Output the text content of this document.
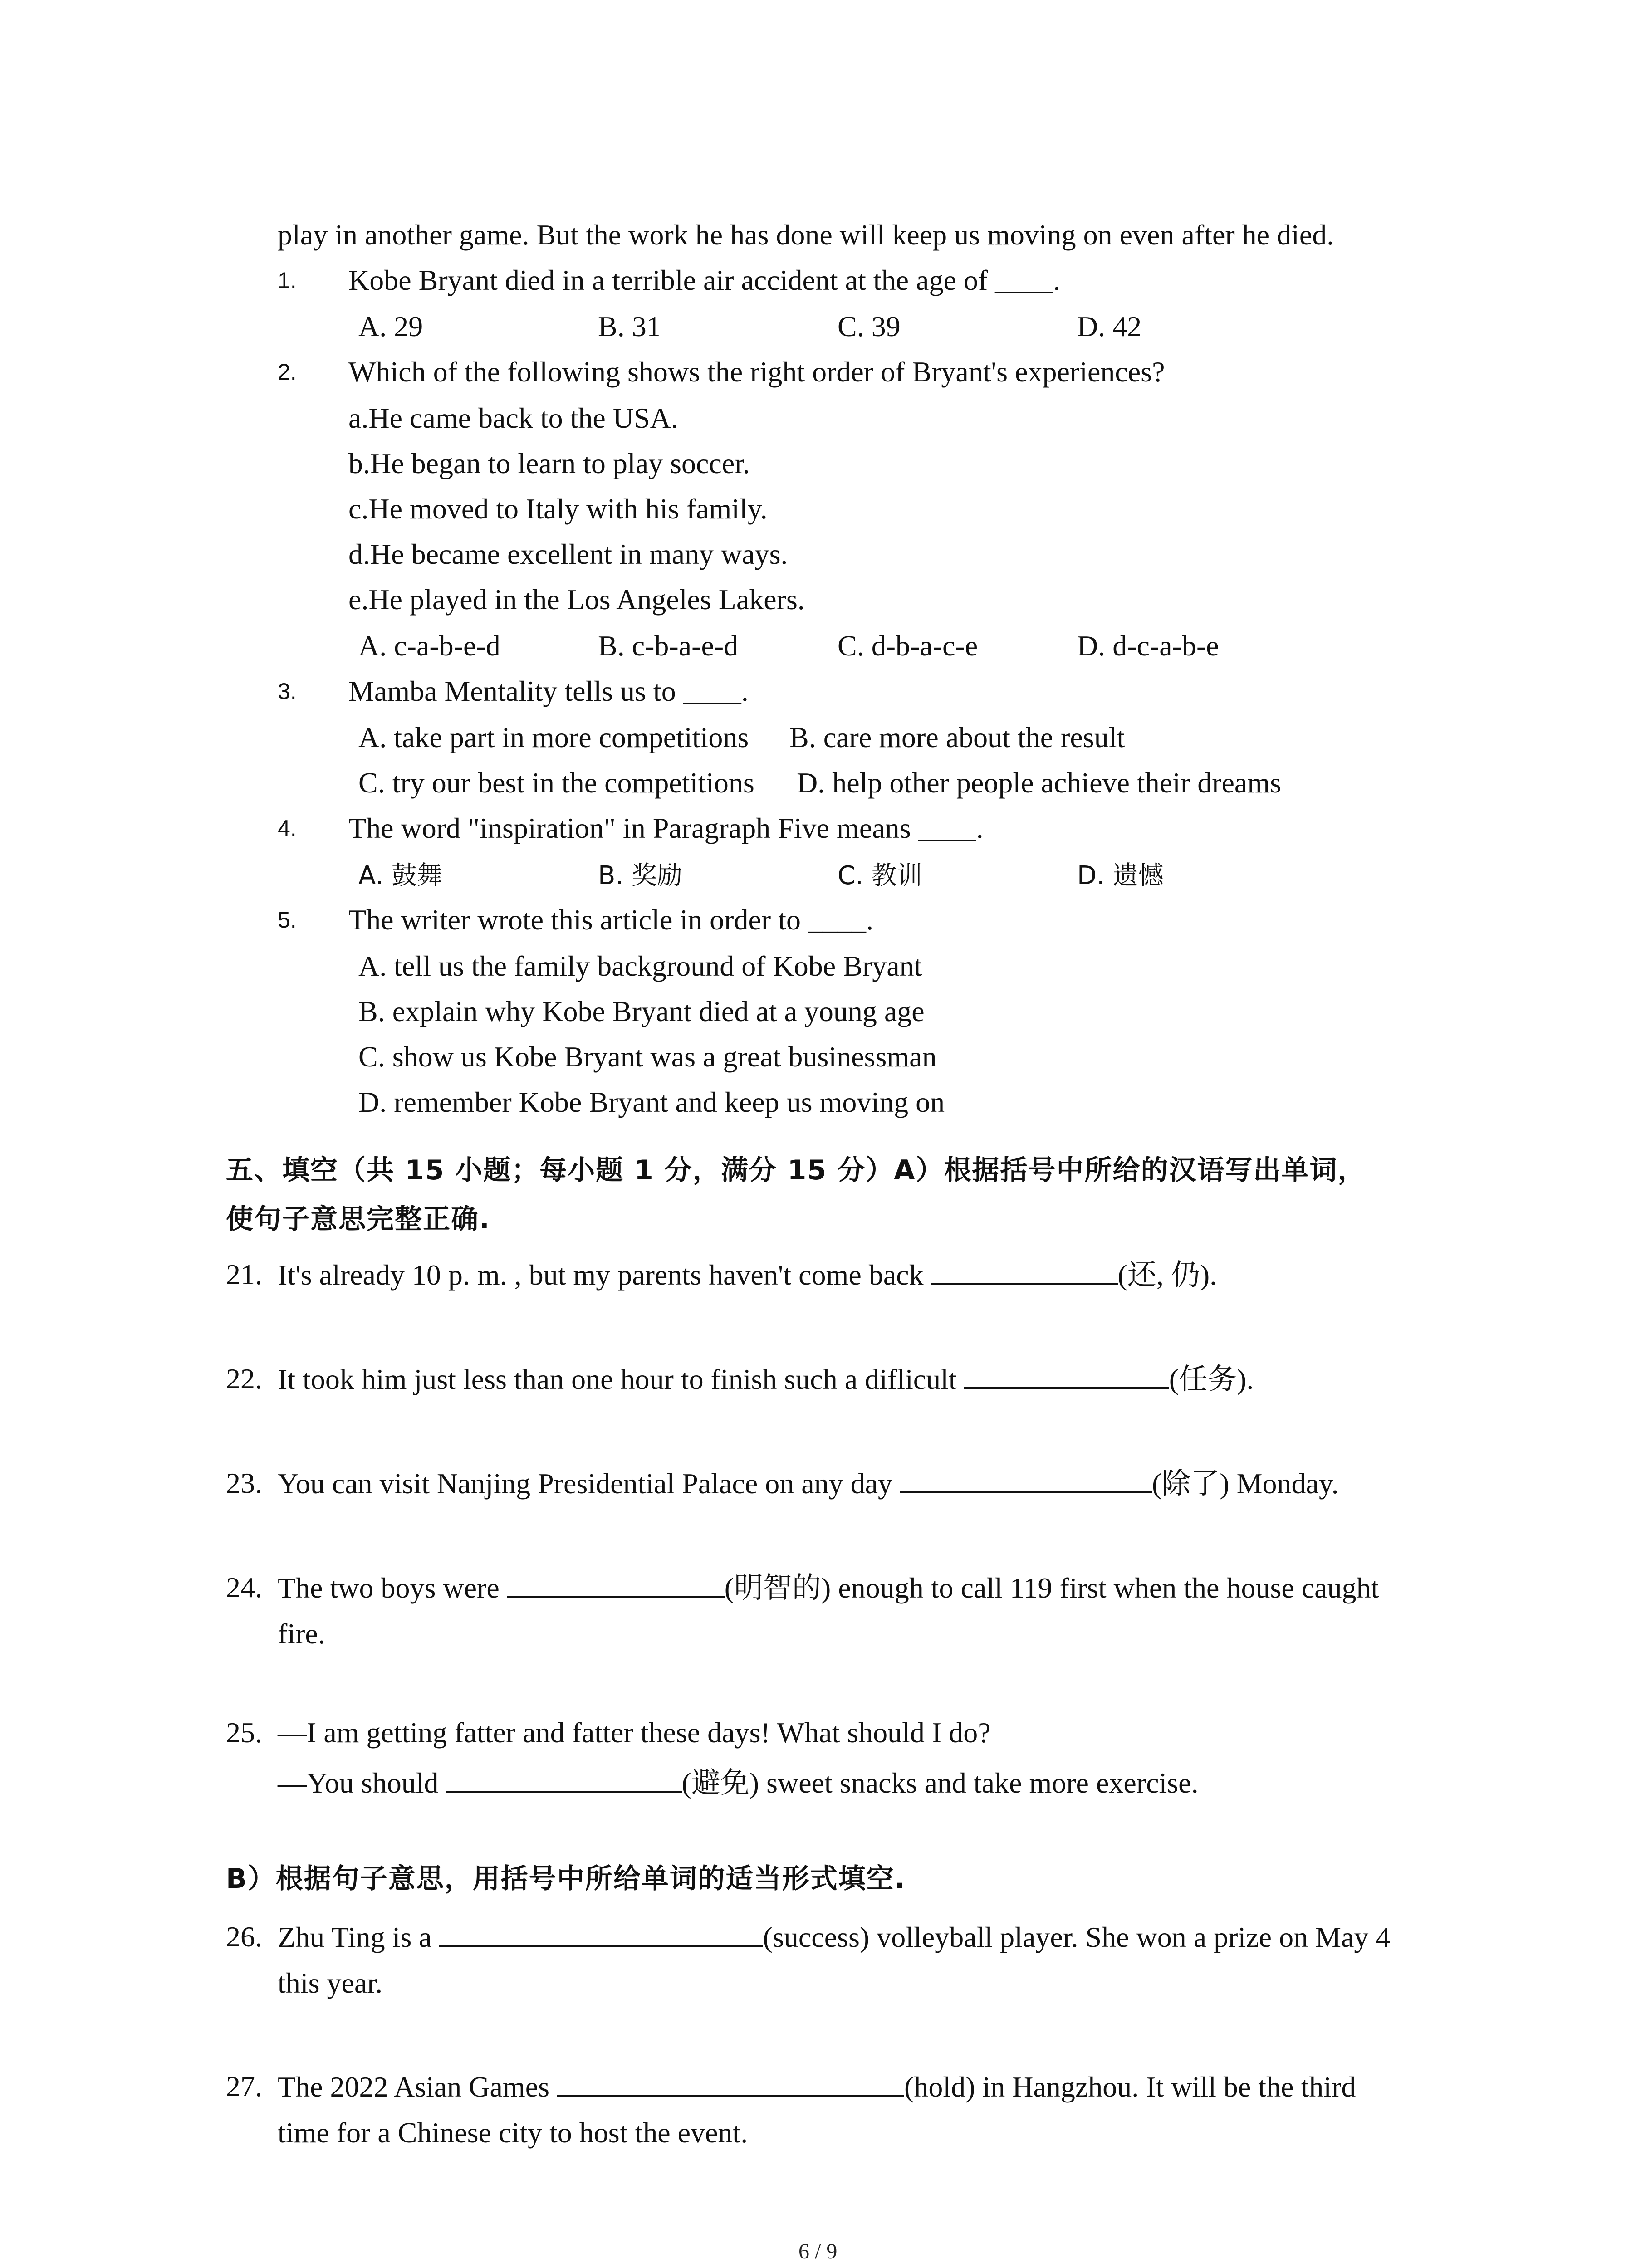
play in another game. But the work he has done will keep us moving on even after he died.
1. Kobe Bryant died in a terrible air accident at the age of ____.
A. 29	B. 31	C. 39	D. 42
2. Which of the following shows the right order of Bryant's experiences?
a.He came back to the USA.
b.He began to learn to play soccer.
c.He moved to Italy with his family.
d.He became excellent in many ways.
e.He played in the Los Angeles Lakers.
A. c-a-b-e-d	B. c-b-a-e-d	C. d-b-a-c-e	D. d-c-a-b-e
3. Mamba Mentality tells us to ____.
A. take part in more competitions B. care more about the result
C. try our best in the competitions D. help other people achieve their dreams
4. The word "inspiration" in Paragraph Five means ____.
A. 鼓舞	B. 奖励	C. 教训	D. 遗憾
5. The writer wrote this article in order to ____.
A. tell us the family background of Kobe Bryant
B. explain why Kobe Bryant died at a young age
C. show us Kobe Bryant was a great businessman
D. remember Kobe Bryant and keep us moving on
五、填空（共 15 小题；每小题 1 分，满分 15 分）A）根据括号中所给的汉语写出单词，
使句子意思完整正确.
21. It's already 10 p. m. , but my parents haven't come back	(还, 仍).
22. It took him just less than one hour to finish such a diflicult	(任务).
23. You can visit Nanjing Presidential Palace on any day	(除了) Monday.
24. The two boys were	(明智的) enough to call 119 first when the house caught
fire.
25. —I am getting fatter and fatter these days! What should I do?
—You should	(避免) sweet snacks and take more exercise.
B）根据句子意思，用括号中所给单词的适当形式填空.
26. Zhu Ting is a	(success) volleyball player. She won a prize on May 4
this year.
27. The 2022 Asian Games	(hold) in Hangzhou. It will be the third
time for a Chinese city to host the event.
6 / 9
